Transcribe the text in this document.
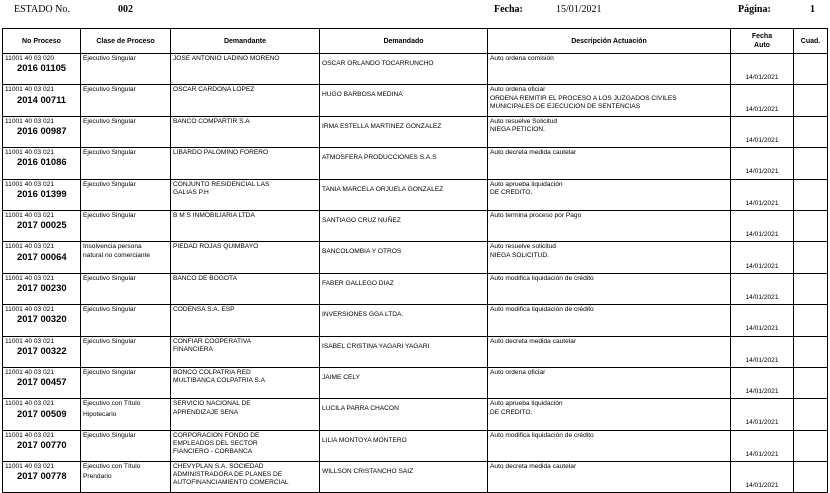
ESTADO No.	002	Fecha:	15/01/2021	Página:	1
No Proceso	Clase de Proceso	Demandante	Demandado	Descripción Actuación	Fecha
Auto	Cuad.

11001 40 03 020
2016 01105	Ejecutivo Singular	JOSE ANTONIO LADINO MORENO	OSCAR ORLANDO TOCARRUNCHO	Auto ordena comisión	14/01/2021	

11001 40 03 021
2014 00711	Ejecutivo Singular	OSCAR CARDONA LOPEZ	HUGO BARBOSA MEDINA	Auto ordena oficiar
ORDENA REMITIR EL PROCESO A LOS JUZGADOS CIVILES
MUNICIPALES DE EJECUCION DE SENTENCIAS	14/01/2021	

11001 40 03 021
2016 00987	Ejecutivo Singular	BANCO COMPARTIR S.A	IRMA ESTELLA MARTINEZ GONZALEZ	Auto resuelve Solicitud
NIEGA PETICION.	14/01/2021	

11001 40 03 021
2016 01086	Ejecutivo Singular	LIBARDO PALOMINO FORERO	ATMOSFERA PRODUCCIONES S.A.S	Auto decreta medida cautelar	14/01/2021	

11001 40 03 021
2016 01399	Ejecutivo Singular	CONJUNTO RESIDENCIAL LAS
GALIAS P.H	TANIA MARCELA ORJUELA GONZALEZ	Auto aprueba liquidación
DE CREDITO.	14/01/2021	

11001 40 03 021
2017 00025	Ejecutivo Singular	B M S INMOBILIARIA LTDA	SANTIAGO CRUZ NUÑEZ	Auto termina proceso por Pago	14/01/2021	

11001 40 03 021
2017 00064	Insolvencia persona
natural no comerciante	PIEDAD ROJAS QUIMBAYO	BANCOLOMBIA Y OTROS	Auto resuelve solicitud
NIEGA SOLICITUD.	14/01/2021	

11001 40 03 021
2017 00230	Ejecutivo Singular	BANCO DE BOGOTA	FABER GALLEGO DIAZ	Auto modifica liquidación de crédito	14/01/2021	

11001 40 03 021
2017 00320	Ejecutivo Singular	CODENSA S.A. ESP	INVERSIONES GGA LTDA.	Auto modifica liquidación de crédito	14/01/2021	

11001 40 03 021
2017 00322	Ejecutivo Singular	CONFIAR COOPERATIVA
FINANCIERA	ISABEL CRISTINA YAGARI YAGARI	Auto decreta medida cautelar	14/01/2021	

11001 40 03 021
2017 00457	Ejecutivo Singular	BONCO COLPATRIA RED
MULTIBANCA COLPATRIA S.A	JAIME CELY	Auto ordena oficiar	14/01/2021	

11001 40 03 021
2017 00509	Ejecutivo con Título
Hipotecario	SERVICIO NACIONAL DE
APRENDIZAJE SENA	LUCILA PARRA CHACON	Auto aprueba liquidación
DE CREDITO.	14/01/2021	

11001 40 03 021
2017 00770	Ejecutivo Singular	CORPORACION FONDO DE
EMPLEADOS DEL SECTOR
FIANCIERO - CORBANCA	LILIA MONTOYA MONTERO	Auto modifica liquidación de crédito	14/01/2021	

11001 40 03 021
2017 00778	Ejecutivo con Título
Prendario	CHEVYPLAN S.A. SOCIEDAD
ADMINISTRADORA DE PLANES DE
AUTOFINANCIAMIENTO COMERCIAL	WILLSON CRISTANCHO SAIZ	Auto decreta medida cautelar	14/01/2021	
